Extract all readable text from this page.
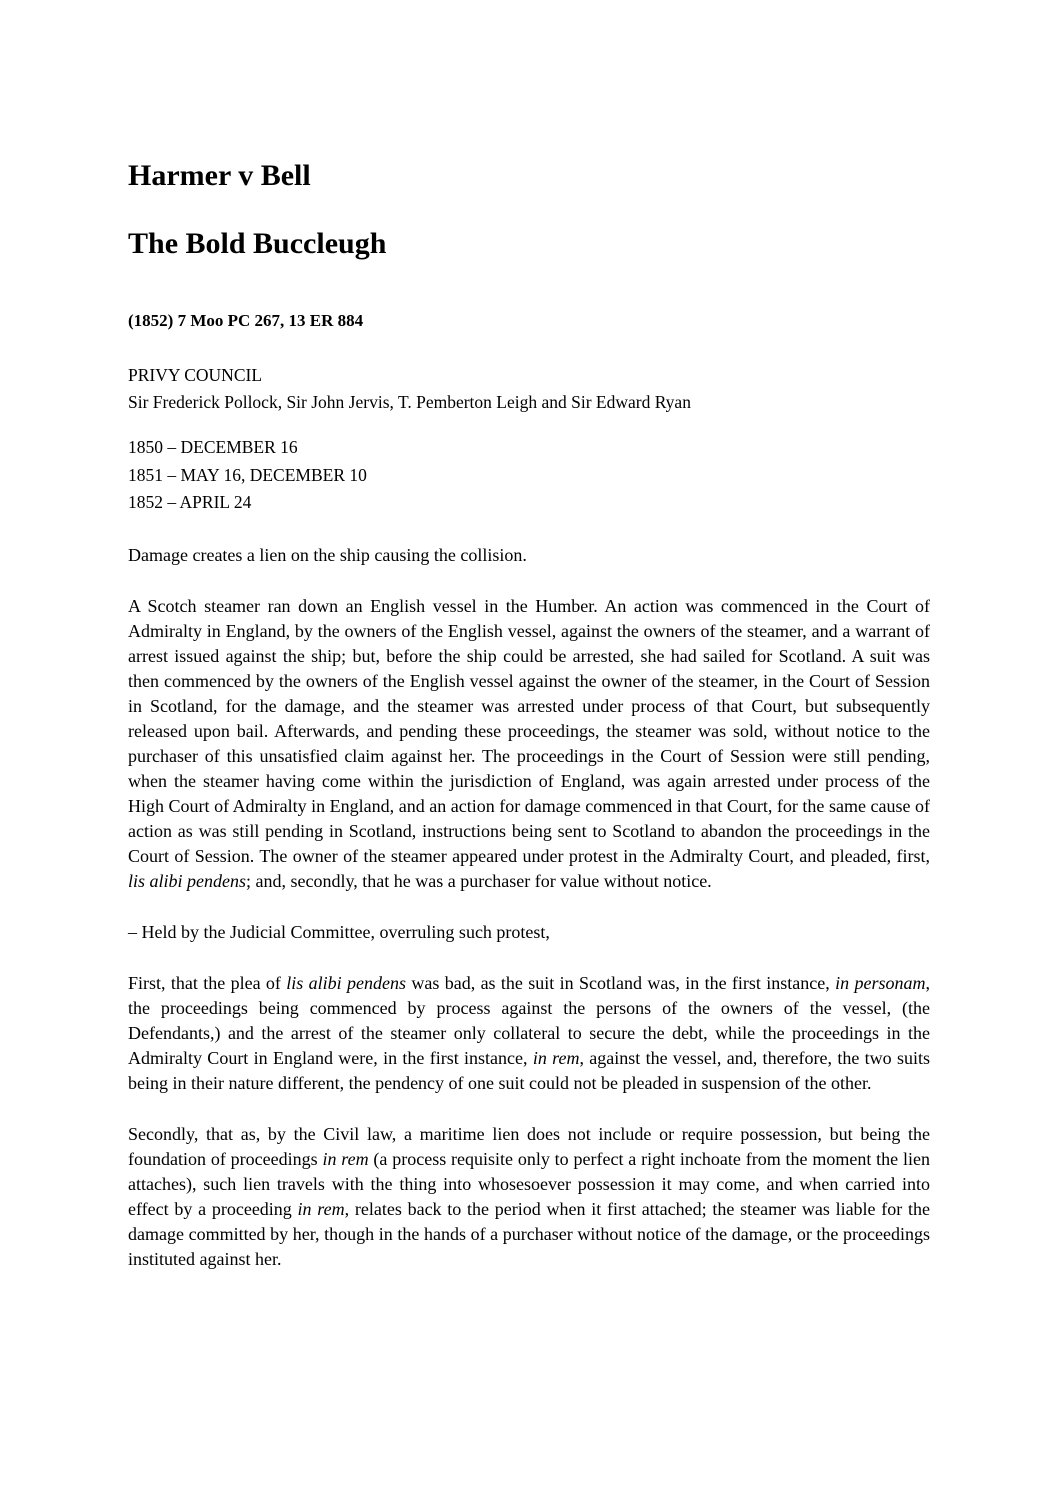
Harmer v Bell
The Bold Buccleugh

(1852) 7 Moo PC 267, 13 ER 884

PRIVY COUNCIL

Sir Frederick Pollock, Sir John Jervis, T. Pemberton Leigh and Sir Edward Ryan

1850 – DECEMBER 16

1851 – MAY 16, DECEMBER 10

1852 – APRIL 24

Damage creates a lien on the ship causing the collision.

A Scotch steamer ran down an English vessel in the Humber. An action was commenced in the Court of Admiralty in England, by the owners of the English vessel, against the owners of the steamer, and a warrant of arrest issued against the ship; but, before the ship could be arrested, she had sailed for Scotland. A suit was then commenced by the owners of the English vessel against the owner of the steamer, in the Court of Session in Scotland, for the damage, and the steamer was arrested under process of that Court, but subsequently released upon bail. Afterwards, and pending these proceedings, the steamer was sold, without notice to the purchaser of this unsatisfied claim against her. The proceedings in the Court of Session were still pending, when the steamer having come within the jurisdiction of England, was again arrested under process of the High Court of Admiralty in England, and an action for damage commenced in that Court, for the same cause of action as was still pending in Scotland, instructions being sent to Scotland to abandon the proceedings in the Court of Session. The owner of the steamer appeared under protest in the Admiralty Court, and pleaded, first, lis alibi pendens; and, secondly, that he was a purchaser for value without notice.

– Held by the Judicial Committee, overruling such protest,

First, that the plea of lis alibi pendens was bad, as the suit in Scotland was, in the first instance, in personam, the proceedings being commenced by process against the persons of the owners of the vessel, (the Defendants,) and the arrest of the steamer only collateral to secure the debt, while the proceedings in the Admiralty Court in England were, in the first instance, in rem, against the vessel, and, therefore, the two suits being in their nature different, the pendency of one suit could not be pleaded in suspension of the other.

Secondly, that as, by the Civil law, a maritime lien does not include or require possession, but being the foundation of proceedings in rem (a process requisite only to perfect a right inchoate from the moment the lien attaches), such lien travels with the thing into whosesoever possession it may come, and when carried into effect by a proceeding in rem, relates back to the period when it first attached; the steamer was liable for the damage committed by her, though in the hands of a purchaser without notice of the damage, or the proceedings instituted against her.
